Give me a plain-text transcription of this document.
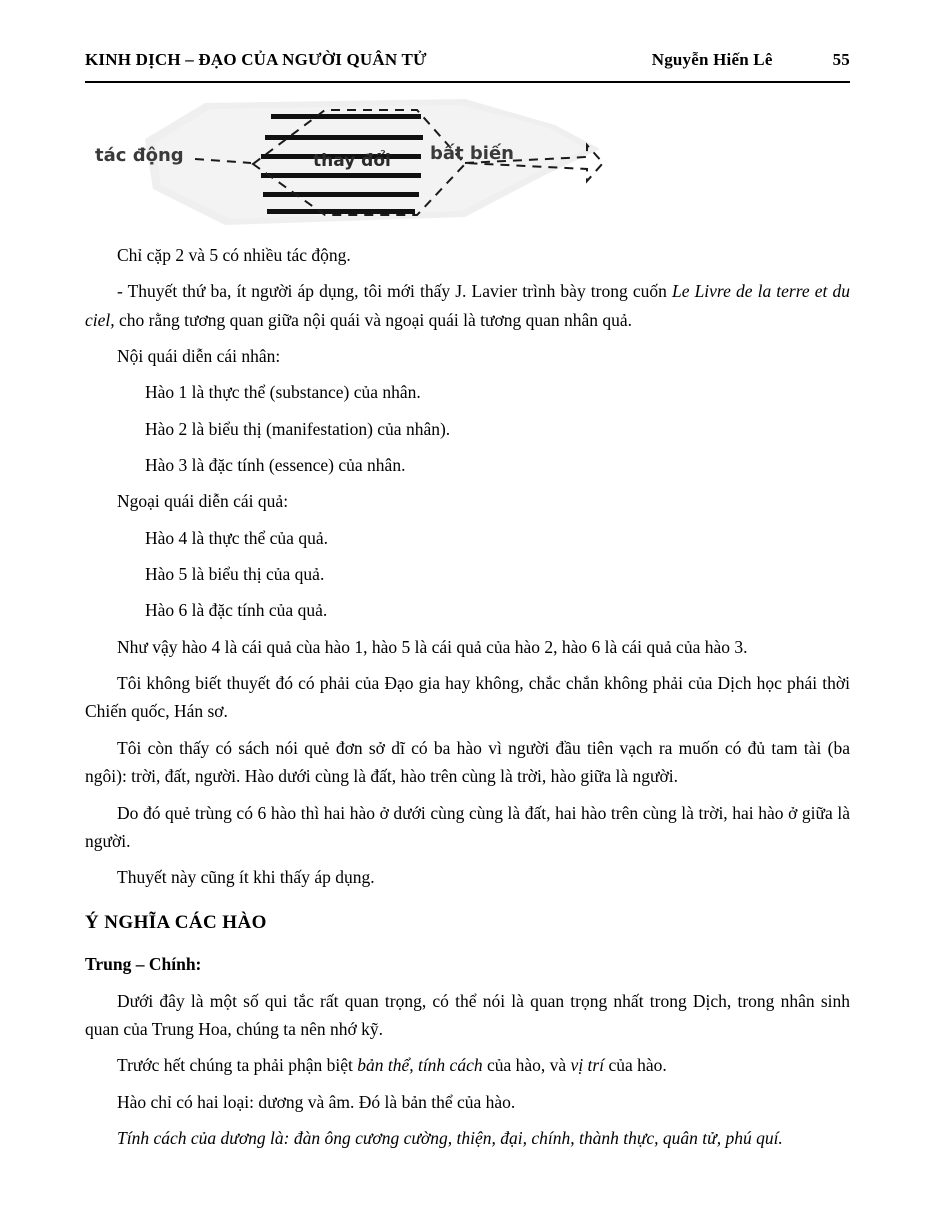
KINH DỊCH – ĐẠO CỦA NGƯỜI QUÂN TỬ	Nguyễn Hiến Lê	55
tác động	thay đổi bất biến

Chỉ cặp 2 và 5 có nhiều tác động.

- Thuyết thứ ba, ít người áp dụng, tôi mới thấy J. Lavier trình bày trong cuốn Le Livre de la terre et du ciel, cho rằng tương quan giữa nội quái và ngoại quái là tương quan nhân quả.

Nội quái diễn cái nhân:

Hào 1 là thực thể (substance) của nhân.

Hào 2 là biểu thị (manifestation) của nhân).

Hào 3 là đặc tính (essence) của nhân.

Ngoại quái diễn cái quả:

Hào 4 là thực thể của quả.

Hào 5 là biểu thị của quả.

Hào 6 là đặc tính của quả.

Như vậy hào 4 là cái quả cùa hào 1, hào 5 là cái quả của hào 2, hào 6 là cái quả của hào 3.

Tôi không biết thuyết đó có phải của Đạo gia hay không, chắc chắn không phải của Dịch học phái thời Chiến quốc, Hán sơ.

Tôi còn thấy có sách nói quẻ đơn sở dĩ có ba hào vì người đầu tiên vạch ra muốn có đủ tam tài (ba ngôi): trời, đất, người. Hào dưới cùng là đất, hào trên cùng là trời, hào giữa là người.

Do đó quẻ trùng có 6 hào thì hai hào ở dưới cùng cùng là đất, hai hào trên cùng là trời, hai hào ở giữa là người.

Thuyết này cũng ít khi thấy áp dụng.

Ý NGHĨA CÁC HÀO
Trung – Chính:

Dưới đây là một số qui tắc rất quan trọng, có thể nói là quan trọng nhất trong Dịch, trong nhân sinh quan của Trung Hoa, chúng ta nên nhớ kỹ.

Trước hết chúng ta phải phận biệt bản thể, tính cách của hào, và vị trí của hào.

Hào chỉ có hai loại: dương và âm. Đó là bản thể của hào.

Tính cách của dương là: đàn ông cương cường, thiện, đại, chính, thành thực, quân tử, phú quí.
